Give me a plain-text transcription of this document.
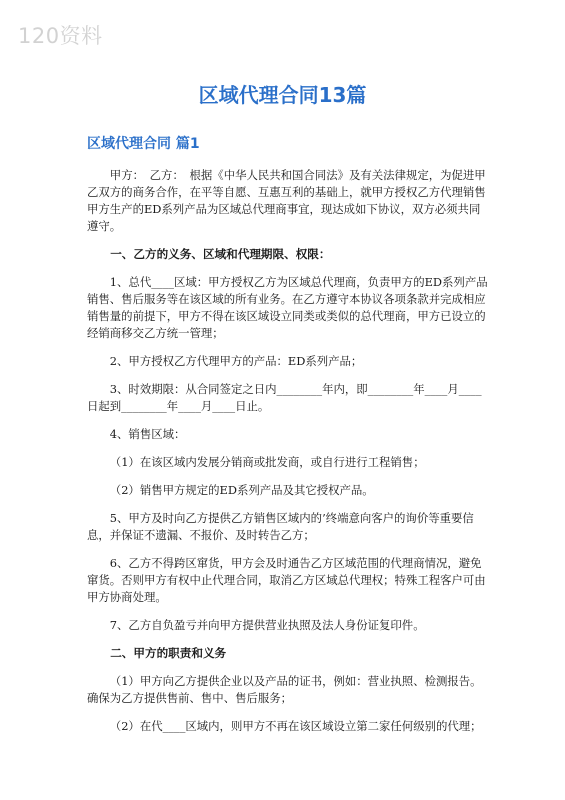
120资料
区域代理合同13篇
区域代理合同 篇1

甲方：　乙方：　根据《中华人民共和国合同法》及有关法律规定，为促进甲乙双方的商务合作，在平等自愿、互惠互利的基础上，就甲方授权乙方代理销售甲方生产的ED系列产品为区域总代理商事宜，现达成如下协议，双方必须共同遵守。

一、乙方的义务、区域和代理期限、权限：

1、总代____区域：甲方授权乙方为区域总代理商，负责甲方的ED系列产品销售、售后服务等在该区域的所有业务。在乙方遵守本协议各项条款并完成相应销售量的前提下，甲方不得在该区域设立同类或类似的总代理商，甲方已设立的经销商移交乙方统一管理；

2、甲方授权乙方代理甲方的产品：ED系列产品；

3、时效期限：从合同签定之日内________年内，即________年____月____日起到________年____月____日止。

4、销售区域：

（1）在该区域内发展分销商或批发商，或自行进行工程销售；

（2）销售甲方规定的ED系列产品及其它授权产品。

5、甲方及时向乙方提供乙方销售区域内的’终端意向客户的询价等重要信息，并保证不遗漏、不报价、及时转告乙方；

6、乙方不得跨区窜货，甲方会及时通告乙方区域范围的代理商情况，避免窜货。否则甲方有权中止代理合同，取消乙方区域总代理权；特殊工程客户可由甲方协商处理。

7、乙方自负盈亏并向甲方提供营业执照及法人身份证复印件。

二、甲方的职责和义务

（1）甲方向乙方提供企业以及产品的证书，例如：营业执照、检测报告。确保为乙方提供售前、售中、售后服务；

（2）在代____区域内，则甲方不再在该区域设立第二家任何级别的代理；
